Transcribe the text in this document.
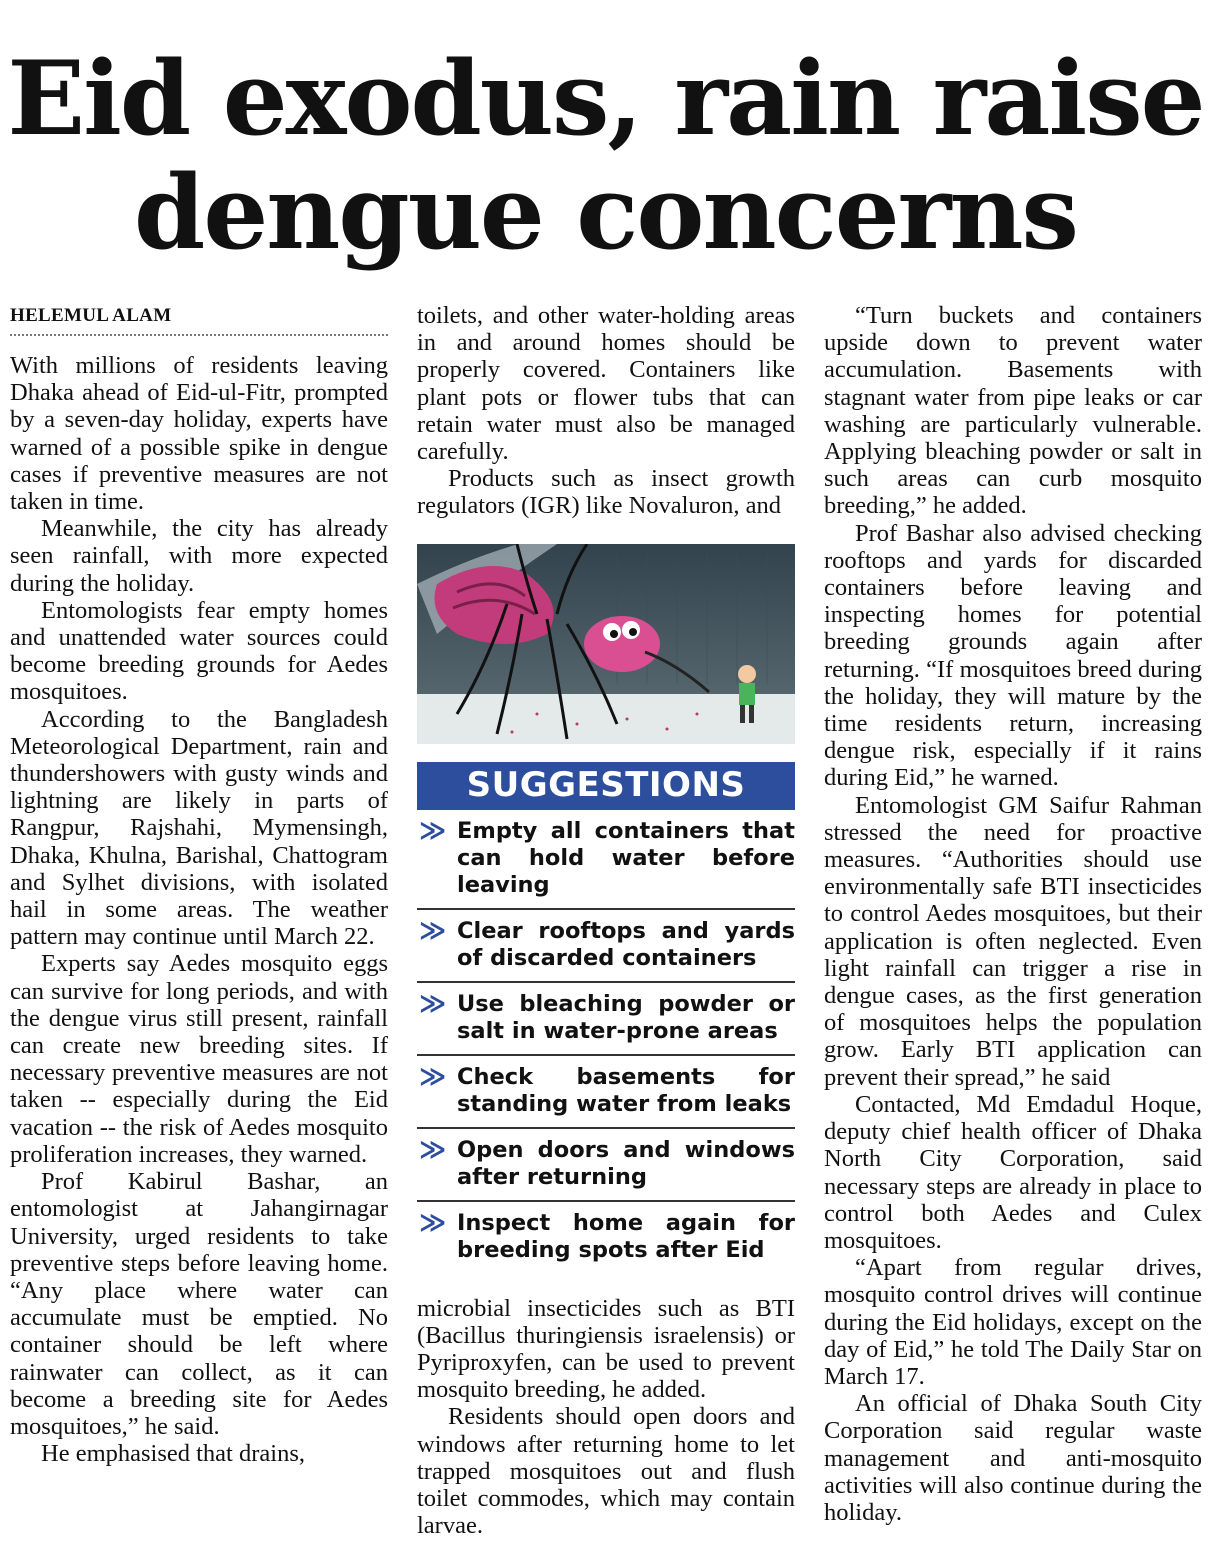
Eid exodus, rain raise
dengue concerns
HELEMUL ALAM

With millions of residents leaving Dhaka ahead of Eid-ul-Fitr, prompted by a seven-day holiday, experts have warned of a possible spike in dengue cases if preventive measures are not taken in time.

Meanwhile, the city has already seen rainfall, with more expected during the holiday.

Entomologists fear empty homes and unattended water sources could become breeding grounds for Aedes mosquitoes.

According to the Bangladesh Meteorological Department, rain and thundershowers with gusty winds and lightning are likely in parts of Rangpur, Rajshahi, Mymensingh, Dhaka, Khulna, Barishal, Chattogram and Sylhet divisions, with isolated hail in some areas. The weather pattern may continue until March 22.

Experts say Aedes mosquito eggs can survive for long periods, and with the dengue virus still present, rainfall can create new breeding sites. If necessary preventive measures are not taken -- especially during the Eid vacation -- the risk of Aedes mosquito proliferation increases, they warned.

Prof Kabirul Bashar, an entomologist at Jahangirnagar University, urged residents to take preventive steps before leaving home. “Any place where water can accumulate must be emptied. No container should be left where rainwater can collect, as it can become a breeding site for Aedes mosquitoes,” he said.

He emphasised that drains,

toilets, and other water-holding areas in and around homes should be properly covered. Containers like plant pots or flower tubs that can retain water must also be managed carefully.

Products such as insect growth regulators (IGR) like Novaluron, and

SUGGESTIONS
≫ Empty all containers that can hold water before leaving
≫ Clear rooftops and yards of discarded containers
≫ Use bleaching powder or salt in water-prone areas
≫ Check basements for standing water from leaks
≫ Open doors and windows after returning
≫ Inspect home again for breeding spots after Eid

microbial insecticides such as BTI (Bacillus thuringiensis israelensis) or Pyriproxyfen, can be used to prevent mosquito breeding, he added.

Residents should open doors and windows after returning home to let trapped mosquitoes out and flush toilet commodes, which may contain larvae.

“Turn buckets and containers upside down to prevent water accumulation. Basements with stagnant water from pipe leaks or car washing are particularly vulnerable. Applying bleaching powder or salt in such areas can curb mosquito breeding,” he added.

Prof Bashar also advised checking rooftops and yards for discarded containers before leaving and inspecting homes for potential breeding grounds again after returning. “If mosquitoes breed during the holiday, they will mature by the time residents return, increasing dengue risk, especially if it rains during Eid,” he warned.

Entomologist GM Saifur Rahman stressed the need for proactive measures. “Authorities should use environmentally safe BTI insecticides to control Aedes mosquitoes, but their application is often neglected. Even light rainfall can trigger a rise in dengue cases, as the first generation of mosquitoes helps the population grow. Early BTI application can prevent their spread,” he said

Contacted, Md Emdadul Hoque, deputy chief health officer of Dhaka North City Corporation, said necessary steps are already in place to control both Aedes and Culex mosquitoes.

“Apart from regular drives, mosquito control drives will continue during the Eid holidays, except on the day of Eid,” he told The Daily Star on March 17.

An official of Dhaka South City Corporation said regular waste management and anti-mosquito activities will also continue during the holiday.
